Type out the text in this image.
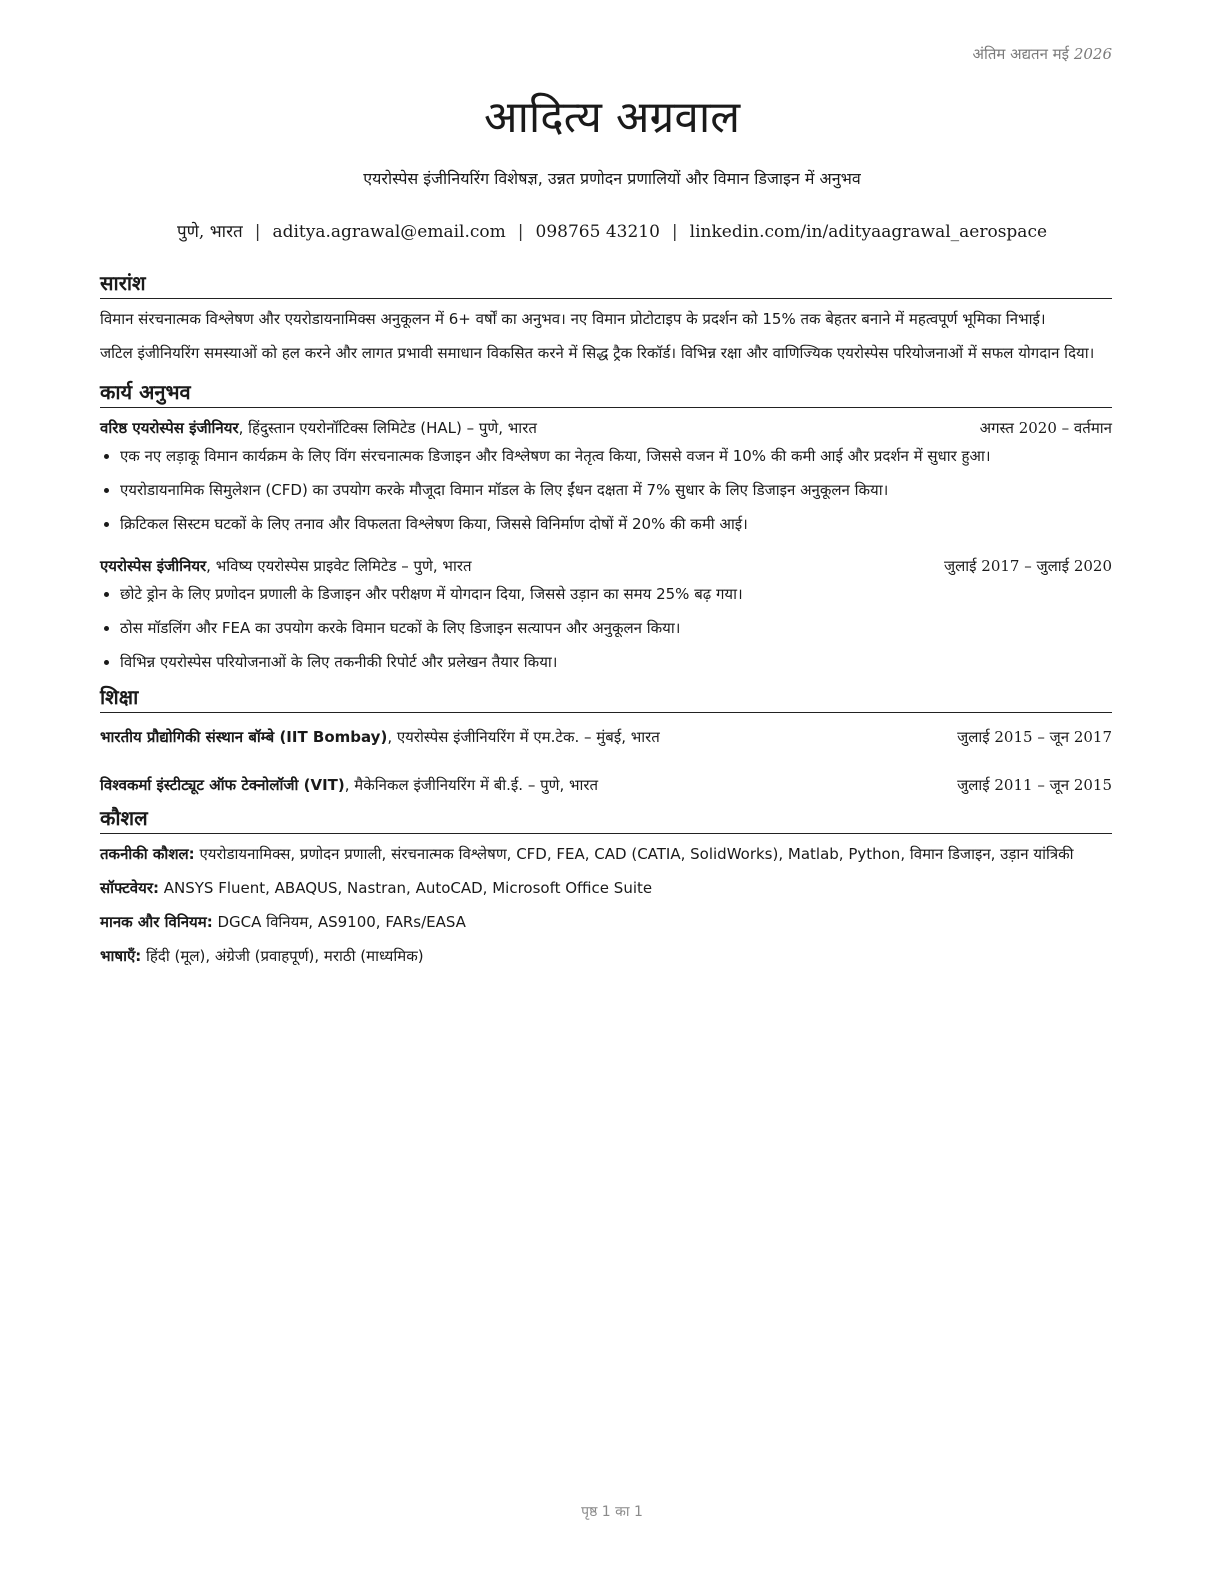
अंतिम अद्यतन मई 2026
आदित्य अग्रवाल
एयरोस्पेस इंजीनियरिंग विशेषज्ञ, उन्नत प्रणोदन प्रणालियों और विमान डिजाइन में अनुभव
पुणे, भारत | aditya.agrawal@email.com | 098765 43210 | linkedin.com/in/adityaagrawal_aerospace
सारांश

विमान संरचनात्मक विश्लेषण और एयरोडायनामिक्स अनुकूलन में 6+ वर्षों का अनुभव। नए विमान प्रोटोटाइप के प्रदर्शन को 15% तक बेहतर बनाने में महत्वपूर्ण भूमिका निभाई।

जटिल इंजीनियरिंग समस्याओं को हल करने और लागत प्रभावी समाधान विकसित करने में सिद्ध ट्रैक रिकॉर्ड। विभिन्न रक्षा और वाणिज्यिक एयरोस्पेस परियोजनाओं में सफल योगदान दिया।

कार्य अनुभव
वरिष्ठ एयरोस्पेस इंजीनियर, हिंदुस्तान एयरोनॉटिक्स लिमिटेड (HAL) – पुणे, भारत	अगस्त 2020 – वर्तमान
• एक नए लड़ाकू विमान कार्यक्रम के लिए विंग संरचनात्मक डिजाइन और विश्लेषण का नेतृत्व किया, जिससे वजन में 10% की कमी आई और प्रदर्शन में सुधार हुआ।
• एयरोडायनामिक सिमुलेशन (CFD) का उपयोग करके मौजूदा विमान मॉडल के लिए ईंधन दक्षता में 7% सुधार के लिए डिजाइन अनुकूलन किया।
• क्रिटिकल सिस्टम घटकों के लिए तनाव और विफलता विश्लेषण किया, जिससे विनिर्माण दोषों में 20% की कमी आई।
एयरोस्पेस इंजीनियर, भविष्य एयरोस्पेस प्राइवेट लिमिटेड – पुणे, भारत	जुलाई 2017 – जुलाई 2020
• छोटे ड्रोन के लिए प्रणोदन प्रणाली के डिजाइन और परीक्षण में योगदान दिया, जिससे उड़ान का समय 25% बढ़ गया।
• ठोस मॉडलिंग और FEA का उपयोग करके विमान घटकों के लिए डिजाइन सत्यापन और अनुकूलन किया।
• विभिन्न एयरोस्पेस परियोजनाओं के लिए तकनीकी रिपोर्ट और प्रलेखन तैयार किया।
शिक्षा
भारतीय प्रौद्योगिकी संस्थान बॉम्बे (IIT Bombay), एयरोस्पेस इंजीनियरिंग में एम.टेक. – मुंबई, भारत	जुलाई 2015 – जून 2017
विश्वकर्मा इंस्टीट्यूट ऑफ टेक्नोलॉजी (VIT), मैकेनिकल इंजीनियरिंग में बी.ई. – पुणे, भारत	जुलाई 2011 – जून 2015
कौशल

तकनीकी कौशल: एयरोडायनामिक्स, प्रणोदन प्रणाली, संरचनात्मक विश्लेषण, CFD, FEA, CAD (CATIA, SolidWorks), Matlab, Python, विमान डिजाइन, उड़ान यांत्रिकी

सॉफ्टवेयर: ANSYS Fluent, ABAQUS, Nastran, AutoCAD, Microsoft Office Suite

मानक और विनियम: DGCA विनियम, AS9100, FARs/EASA

भाषाएँ: हिंदी (मूल), अंग्रेजी (प्रवाहपूर्ण), मराठी (माध्यमिक)

पृष्ठ 1 का 1
